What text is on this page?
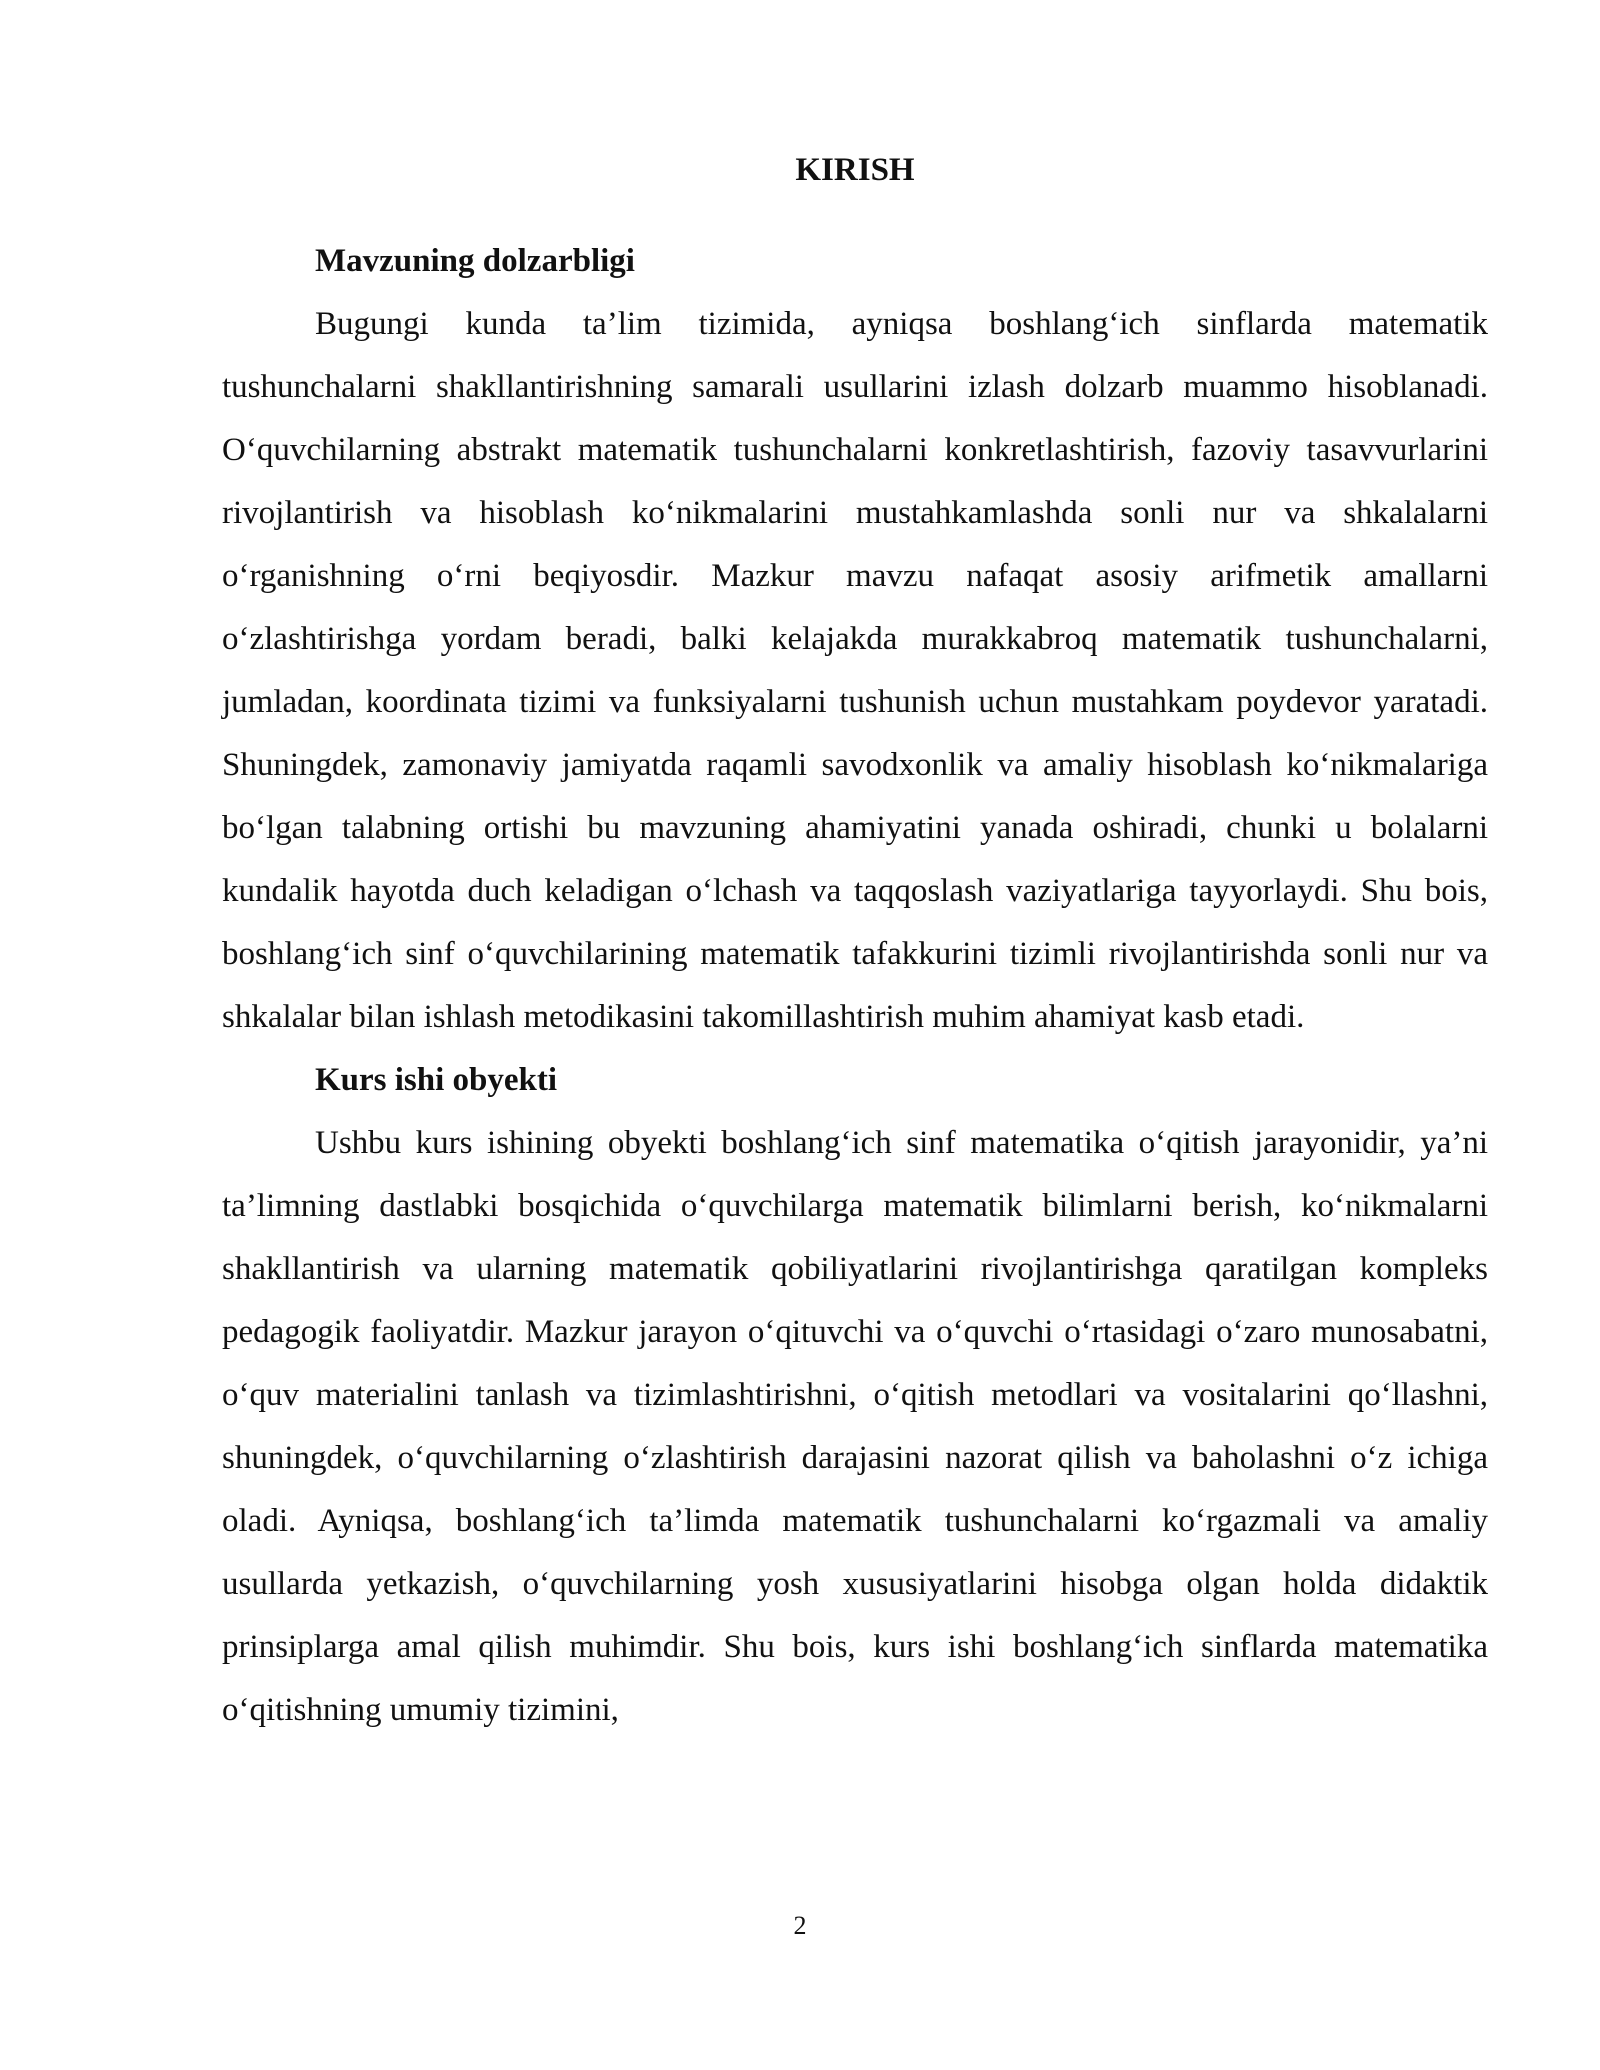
KIRISH
Mavzuning dolzarbligi

Bugungi kunda ta’lim tizimida, ayniqsa boshlang‘ich sinflarda matematik tushunchalarni shakllantirishning samarali usullarini izlash dolzarb muammo hisoblanadi. O‘quvchilarning abstrakt matematik tushunchalarni konkretlashtirish, fazoviy tasavvurlarini rivojlantirish va hisoblash ko‘nikmalarini mustahkamlashda sonli nur va shkalalarni o‘rganishning o‘rni beqiyosdir. Mazkur mavzu nafaqat asosiy arifmetik amallarni o‘zlashtirishga yordam beradi, balki kelajakda murakkabroq matematik tushunchalarni, jumladan, koordinata tizimi va funksiyalarni tushunish uchun mustahkam poydevor yaratadi. Shuningdek, zamonaviy jamiyatda raqamli savodxonlik va amaliy hisoblash ko‘nikmalariga bo‘lgan talabning ortishi bu mavzuning ahamiyatini yanada oshiradi, chunki u bolalarni kundalik hayotda duch keladigan o‘lchash va taqqoslash vaziyatlariga tayyorlaydi. Shu bois, boshlang‘ich sinf o‘quvchilarining matematik tafakkurini tizimli rivojlantirishda sonli nur va shkalalar bilan ishlash metodikasini takomillashtirish muhim ahamiyat kasb etadi.

Kurs ishi obyekti

Ushbu kurs ishining obyekti boshlang‘ich sinf matematika o‘qitish jarayonidir, ya’ni ta’limning dastlabki bosqichida o‘quvchilarga matematik bilimlarni berish, ko‘nikmalarni shakllantirish va ularning matematik qobiliyatlarini rivojlantirishga qaratilgan kompleks pedagogik faoliyatdir. Mazkur jarayon o‘qituvchi va o‘quvchi o‘rtasidagi o‘zaro munosabatni, o‘quv materialini tanlash va tizimlashtirishni, o‘qitish metodlari va vositalarini qo‘llashni, shuningdek, o‘quvchilarning o‘zlashtirish darajasini nazorat qilish va baholashni o‘z ichiga oladi. Ayniqsa, boshlang‘ich ta’limda matematik tushunchalarni ko‘rgazmali va amaliy usullarda yetkazish, o‘quvchilarning yosh xususiyatlarini hisobga olgan holda didaktik prinsiplarga amal qilish muhimdir. Shu bois, kurs ishi boshlang‘ich sinflarda matematika o‘qitishning umumiy tizimini,

2
